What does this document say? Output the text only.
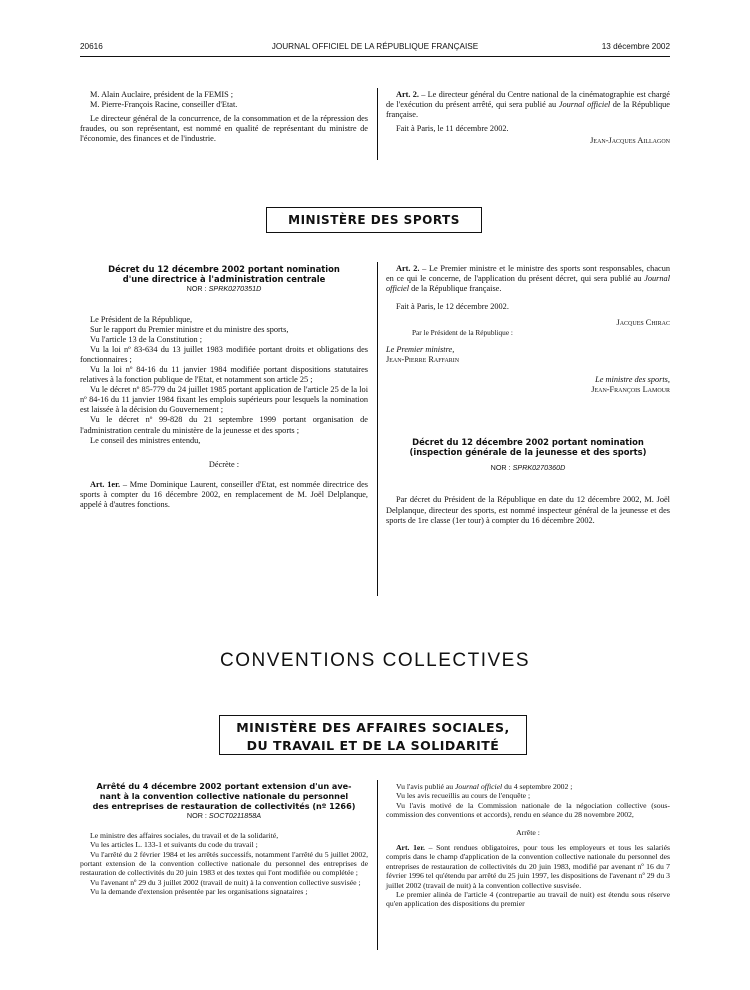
20616	JOURNAL OFFICIEL DE LA RÉPUBLIQUE FRANÇAISE	13 décembre 2002

M. Alain Auclaire, président de la FEMIS ;

M. Pierre-François Racine, conseiller d'Etat.

Le directeur général de la concurrence, de la consommation et de la répression des fraudes, ou son représentant, est nommé en qualité de représentant du ministre de l'économie, des finances et de l'industrie.

Art. 2. – Le directeur général du Centre national de la cinématographie est chargé de l'exécution du présent arrêté, qui sera publié au Journal officiel de la République française.

Fait à Paris, le 11 décembre 2002.

Jean-Jacques Aillagon

MINISTÈRE DES SPORTS

Décret du 12 décembre 2002 portant nomination

d'une directrice à l'administration centrale

NOR : SPRK0270351D

Le Président de la République,

Sur le rapport du Premier ministre et du ministre des sports,

Vu l'article 13 de la Constitution ;

Vu la loi nº 83-634 du 13 juillet 1983 modifiée portant droits et obligations des fonctionnaires ;

Vu la loi nº 84-16 du 11 janvier 1984 modifiée portant dispositions statutaires relatives à la fonction publique de l'Etat, et notamment son article 25 ;

Vu le décret nº 85-779 du 24 juillet 1985 portant application de l'article 25 de la loi nº 84-16 du 11 janvier 1984 fixant les emplois supérieurs pour lesquels la nomination est laissée à la décision du Gouvernement ;

Vu le décret nº 99-828 du 21 septembre 1999 portant organisation de l'administration centrale du ministère de la jeunesse et des sports ;

Le conseil des ministres entendu,

Décrète :

Art. 1er. – Mme Dominique Laurent, conseiller d'Etat, est nommée directrice des sports à compter du 16 décembre 2002, en remplacement de M. Joël Delplanque, appelé à d'autres fonctions.

Art. 2. – Le Premier ministre et le ministre des sports sont responsables, chacun en ce qui le concerne, de l'application du présent décret, qui sera publié au Journal officiel de la République française.

Fait à Paris, le 12 décembre 2002.

Jacques Chirac

Par le Président de la République :

Le Premier ministre,

Jean-Pierre Raffarin

Le ministre des sports,

Jean-François Lamour

Décret du 12 décembre 2002 portant nomination

(inspection générale de la jeunesse et des sports)

NOR : SPRK0270360D

Par décret du Président de la République en date du 12 décembre 2002, M. Joël Delplanque, directeur des sports, est nommé inspecteur général de la jeunesse et des sports de 1re classe (1er tour) à compter du 16 décembre 2002.

CONVENTIONS COLLECTIVES
MINISTÈRE DES AFFAIRES SOCIALES,
DU TRAVAIL ET DE LA SOLIDARITÉ

Arrêté du 4 décembre 2002 portant extension d'un ave-

nant à la convention collective nationale du personnel

des entreprises de restauration de collectivités (nº 1266)

NOR : SOCT0211858A

Le ministre des affaires sociales, du travail et de la solidarité,

Vu les articles L. 133-1 et suivants du code du travail ;

Vu l'arrêté du 2 février 1984 et les arrêtés successifs, notamment l'arrêté du 5 juillet 2002, portant extension de la convention collective nationale du personnel des entreprises de restauration de collectivités du 20 juin 1983 et des textes qui l'ont modifiée ou complétée ;

Vu l'avenant nº 29 du 3 juillet 2002 (travail de nuit) à la convention collective susvisée ;

Vu la demande d'extension présentée par les organisations signataires ;

Vu l'avis publié au Journal officiel du 4 septembre 2002 ;

Vu les avis recueillis au cours de l'enquête ;

Vu l'avis motivé de la Commission nationale de la négociation collective (sous-commission des conventions et accords), rendu en séance du 28 novembre 2002,

Arrête :

Art. 1er. – Sont rendues obligatoires, pour tous les employeurs et tous les salariés compris dans le champ d'application de la convention collective nationale du personnel des entreprises de restauration de collectivités du 20 juin 1983, modifié par avenant nº 16 du 7 février 1996 tel qu'étendu par arrêté du 25 juin 1997, les dispositions de l'avenant nº 29 du 3 juillet 2002 (travail de nuit) à la convention collective susvisée.

Le premier alinéa de l'article 4 (contrepartie au travail de nuit) est étendu sous réserve qu'en application des dispositions du premier
